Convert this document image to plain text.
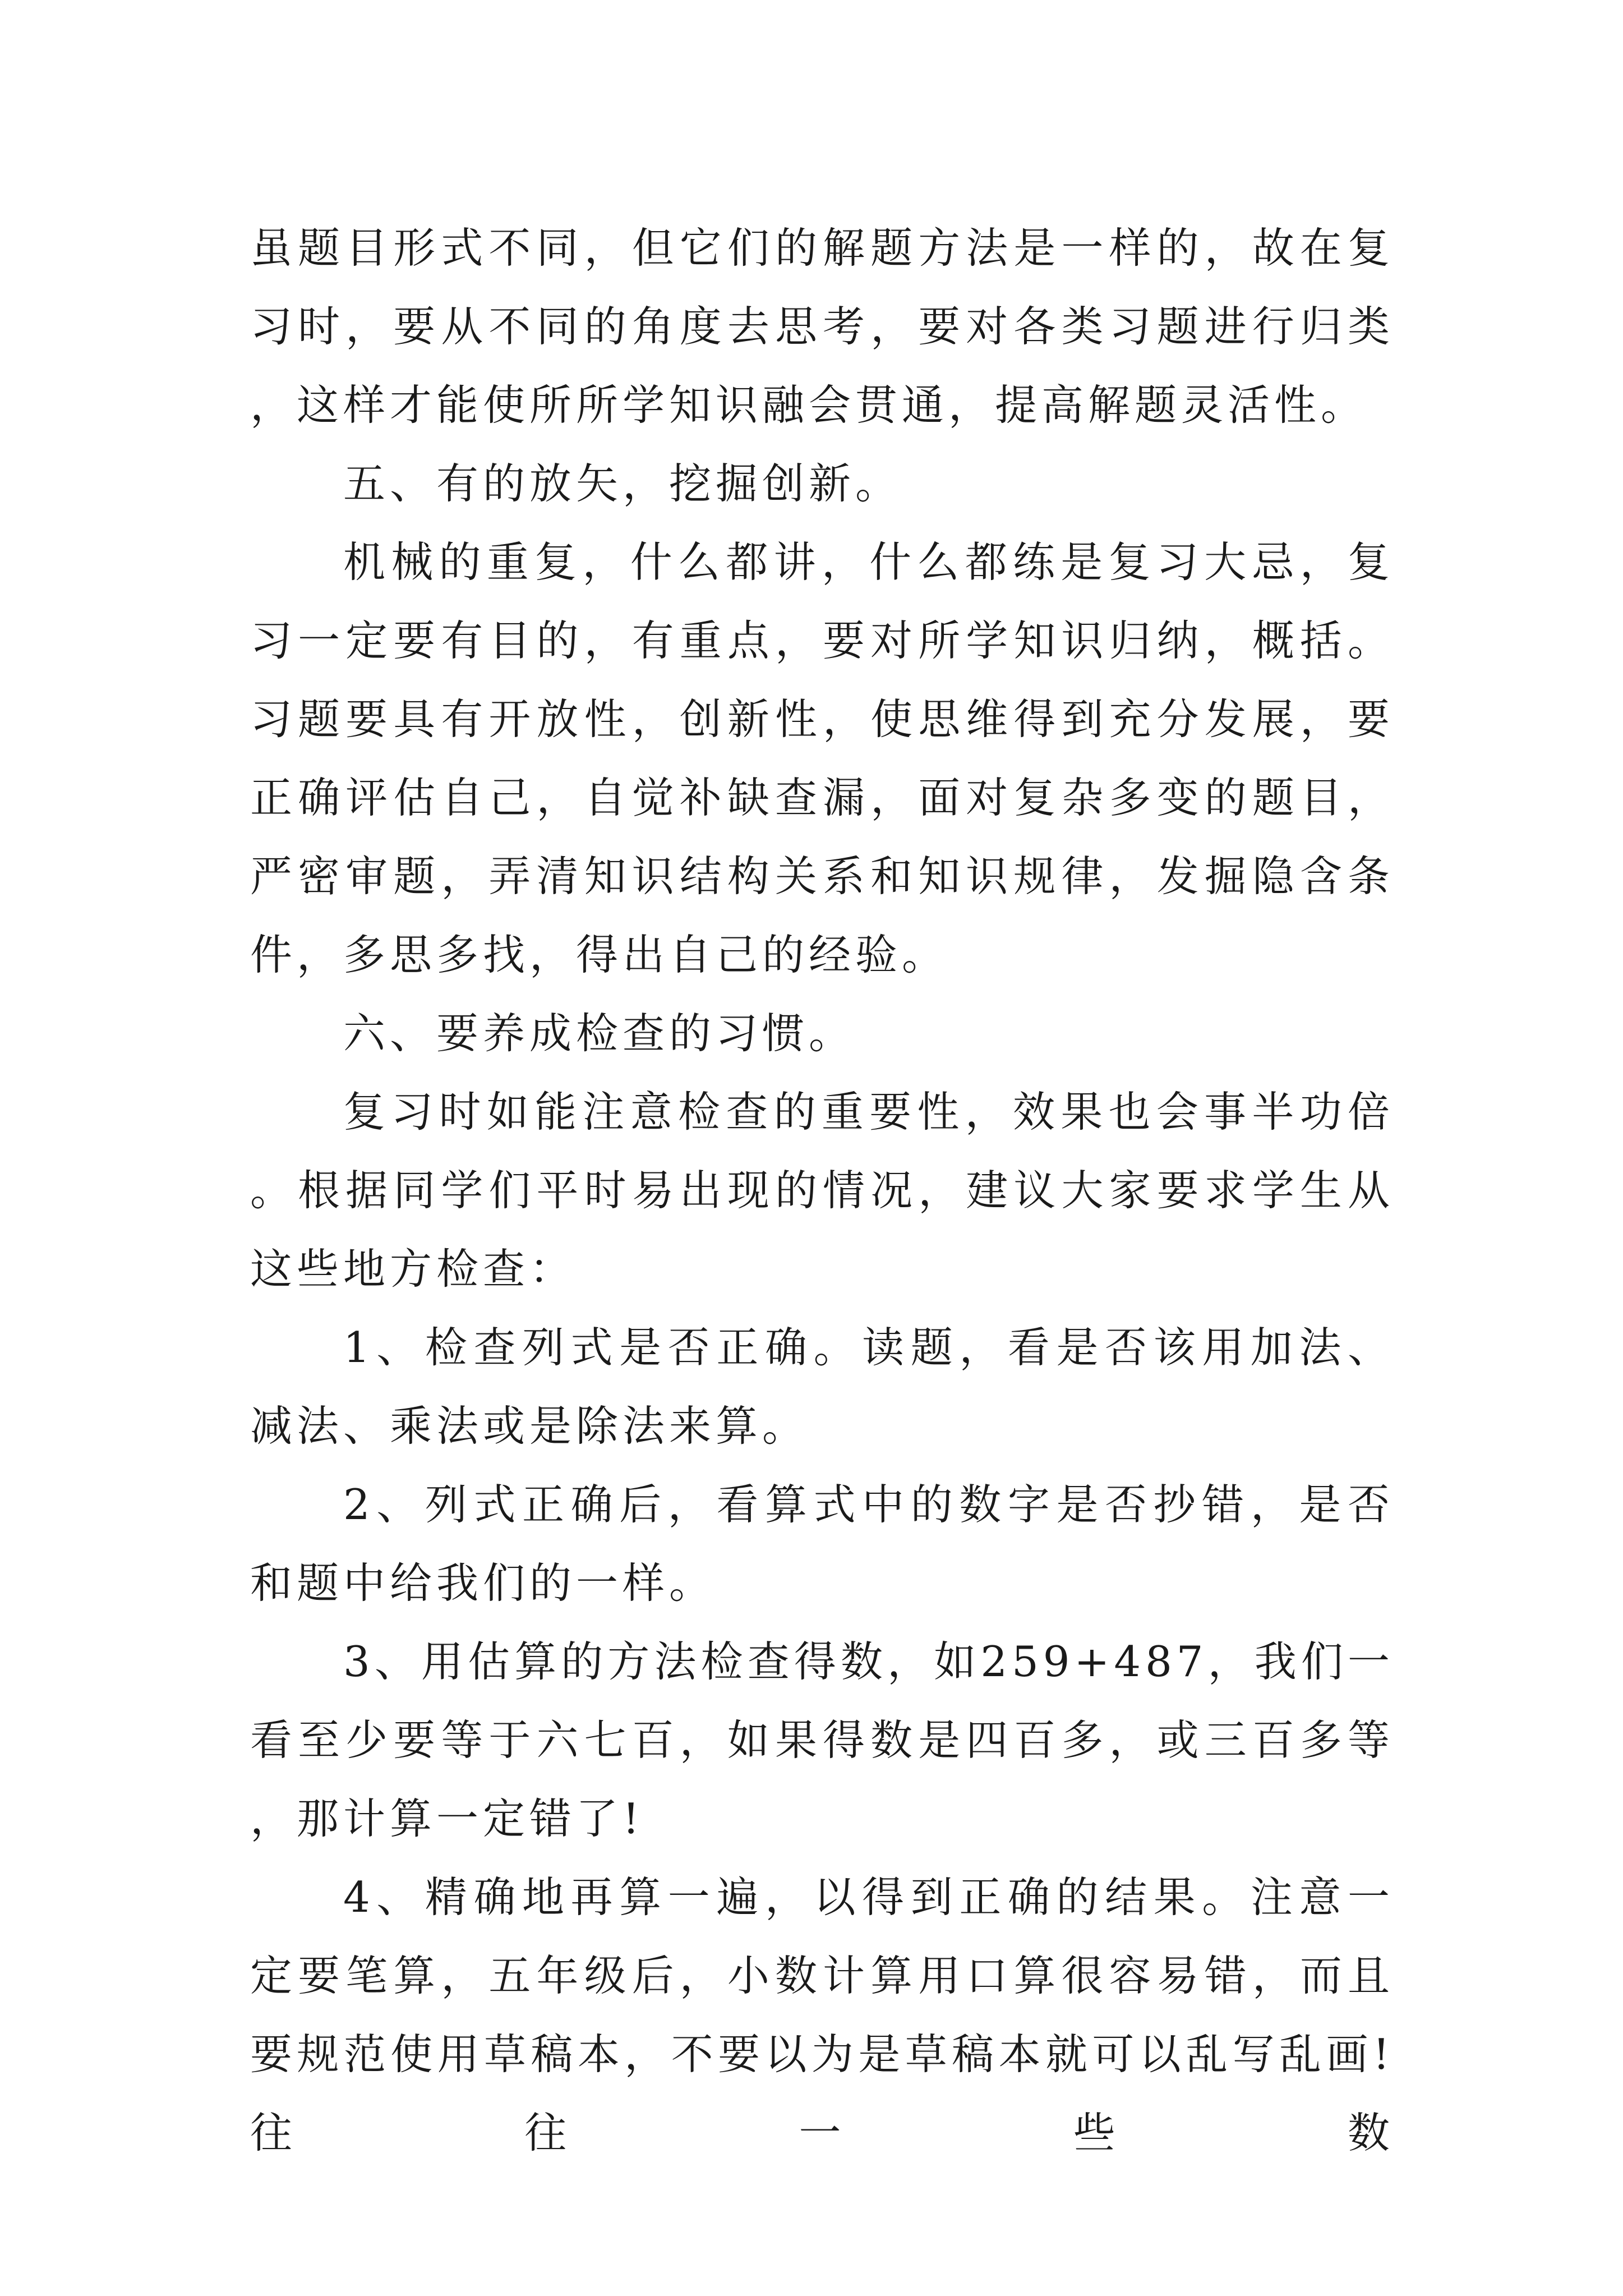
虽题目形式不同，但它们的解题方法是一样的，故在复习时，要从不同的角度去思考，要对各类习题进行归类，这样才能使所所学知识融会贯通，提高解题灵活性。

五、有的放矢，挖掘创新。

机械的重复，什么都讲，什么都练是复习大忌，复习一定要有目的，有重点，要对所学知识归纳，概括。习题要具有开放性，创新性，使思维得到充分发展，要正确评估自己，自觉补缺查漏，面对复杂多变的题目，严密审题，弄清知识结构关系和知识规律，发掘隐含条件，多思多找，得出自己的经验。

六、要养成检查的习惯。

复习时如能注意检查的重要性，效果也会事半功倍。根据同学们平时易出现的情况，建议大家要求学生从这些地方检查：

1、检查列式是否正确。读题，看是否该用加法、减法、乘法或是除法来算。

2、列式正确后，看算式中的数字是否抄错，是否和题中给我们的一样。

3、用估算的方法检查得数，如259+487，我们一看至少要等于六七百，如果得数是四百多，或三百多等，那计算一定错了!

4、精确地再算一遍，以得到正确的结果。注意一定要笔算，五年级后，小数计算用口算很容易错，而且要规范使用草稿本，不要以为是草稿本就可以乱写乱画!往往一些数
